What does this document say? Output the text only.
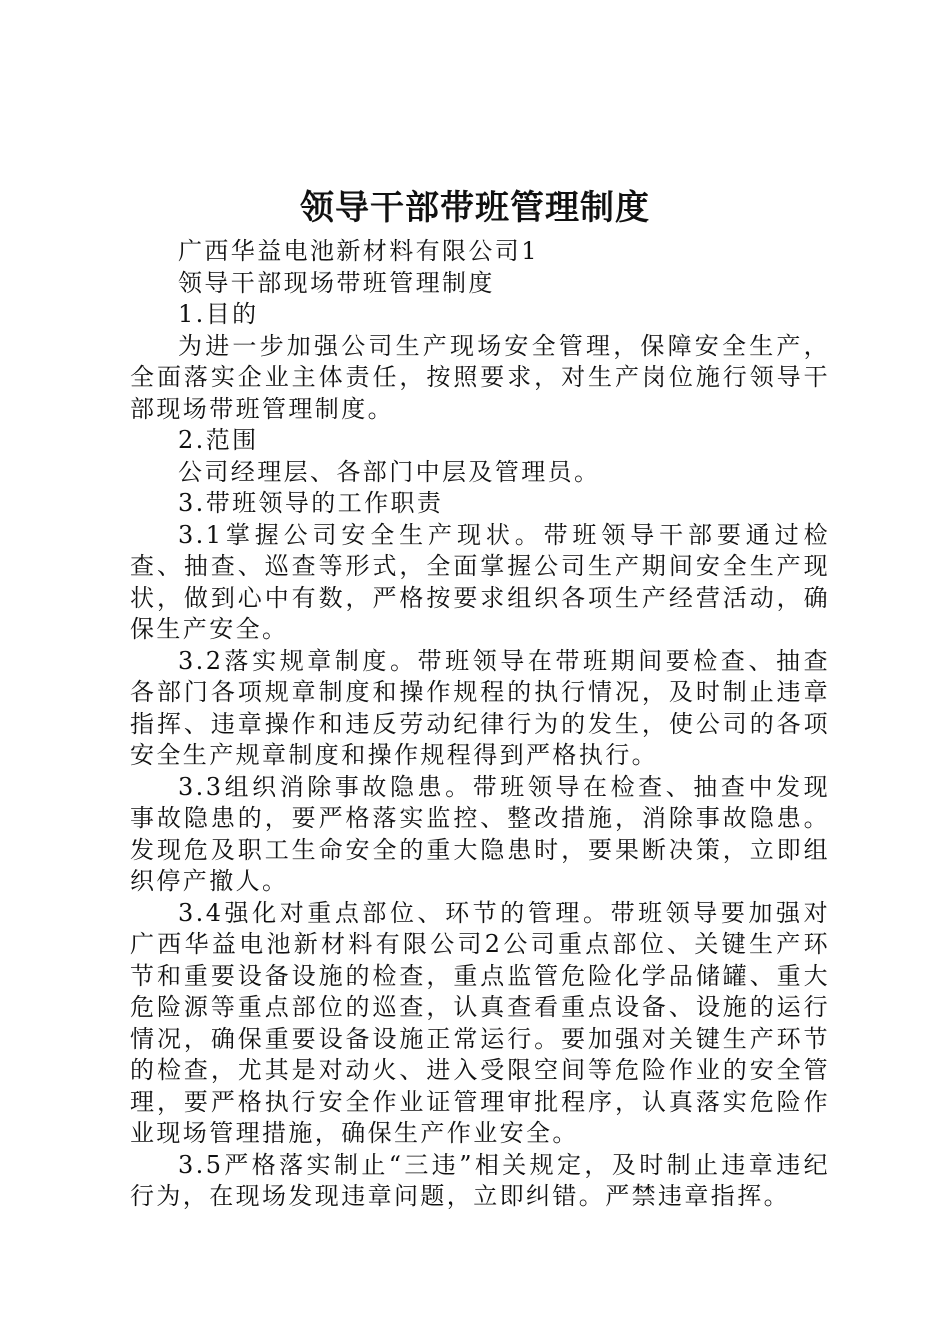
领导干部带班管理制度

广西华益电池新材料有限公司1

领导干部现场带班管理制度

1.目的

为进一步加强公司生产现场安全管理，保障安全生产，全面落实企业主体责任，按照要求，对生产岗位施行领导干部现场带班管理制度。

2.范围

公司经理层、各部门中层及管理员。

3.带班领导的工作职责

3.1掌握公司安全生产现状。带班领导干部要通过检查、抽查、巡查等形式，全面掌握公司生产期间安全生产现状，做到心中有数，严格按要求组织各项生产经营活动，确保生产安全。

3.2落实规章制度。带班领导在带班期间要检查、抽查各部门各项规章制度和操作规程的执行情况，及时制止违章指挥、违章操作和违反劳动纪律行为的发生，使公司的各项安全生产规章制度和操作规程得到严格执行。

3.3组织消除事故隐患。带班领导在检查、抽查中发现事故隐患的，要严格落实监控、整改措施，消除事故隐患。发现危及职工生命安全的重大隐患时，要果断决策，立即组织停产撤人。

3.4强化对重点部位、环节的管理。带班领导要加强对广西华益电池新材料有限公司2公司重点部位、关键生产环节和重要设备设施的检查，重点监管危险化学品储罐、重大危险源等重点部位的巡查，认真查看重点设备、设施的运行情况，确保重要设备设施正常运行。要加强对关键生产环节的检查，尤其是对动火、进入受限空间等危险作业的安全管理，要严格执行安全作业证管理审批程序，认真落实危险作业现场管理措施，确保生产作业安全。

3.5严格落实制止“三违”相关规定，及时制止违章违纪行为，在现场发现违章问题，立即纠错。严禁违章指挥。
